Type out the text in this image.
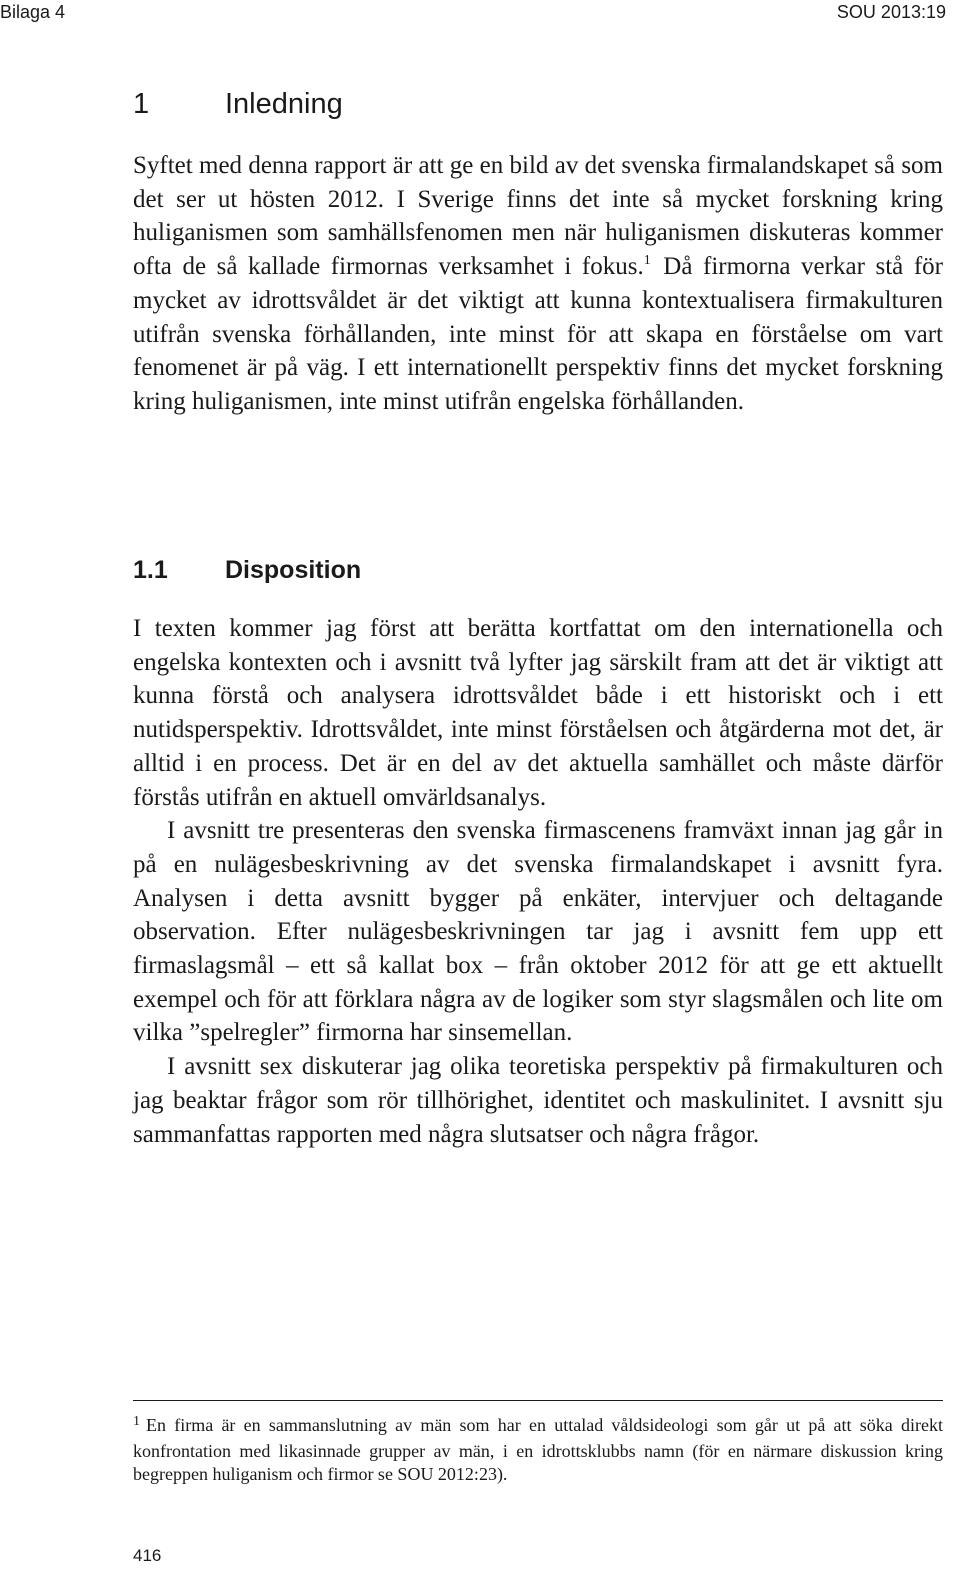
Bilaga 4	SOU 2013:19
1	Inledning

Syftet med denna rapport är att ge en bild av det svenska firmalandskapet så som det ser ut hösten 2012. I Sverige finns det inte så mycket forskning kring huliganismen som samhällsfenomen men när huliganismen diskuteras kommer ofta de så kallade firmornas verksamhet i fokus.$^1$ Då firmorna verkar stå för mycket av idrottsvåldet är det viktigt att kunna kontextualisera firmakulturen utifrån svenska förhållanden, inte minst för att skapa en förståelse om vart fenomenet är på väg. I ett internationellt perspektiv finns det mycket forskning kring huliganismen, inte minst utifrån engelska förhållanden.

1.1 Disposition

I texten kommer jag först att berätta kortfattat om den internationella och engelska kontexten och i avsnitt två lyfter jag särskilt fram att det är viktigt att kunna förstå och analysera idrottsvåldet både i ett historiskt och i ett nutidsperspektiv. Idrottsvåldet, inte minst förståelsen och åtgärderna mot det, är alltid i en process. Det är en del av det aktuella samhället och måste därför förstås utifrån en aktuell omvärldsanalys.

I avsnitt tre presenteras den svenska firmascenens framväxt innan jag går in på en nulägesbeskrivning av det svenska firmalandskapet i avsnitt fyra. Analysen i detta avsnitt bygger på enkäter, intervjuer och deltagande observation. Efter nulägesbeskrivningen tar jag i avsnitt fem upp ett firmaslagsmål – ett så kallat box – från oktober 2012 för att ge ett aktuellt exempel och för att förklara några av de logiker som styr slagsmålen och lite om vilka ”spelregler” firmorna har sinsemellan.

I avsnitt sex diskuterar jag olika teoretiska perspektiv på firmakulturen och jag beaktar frågor som rör tillhörighet, identitet och maskulinitet. I avsnitt sju sammanfattas rapporten med några slutsatser och några frågor.

$^1$ En firma är en sammanslutning av män som har en uttalad våldsideologi som går ut på att söka direkt konfrontation med likasinnade grupper av män, i en idrottsklubbs namn (för en närmare diskussion kring begreppen huliganism och firmor se SOU 2012:23).
416
